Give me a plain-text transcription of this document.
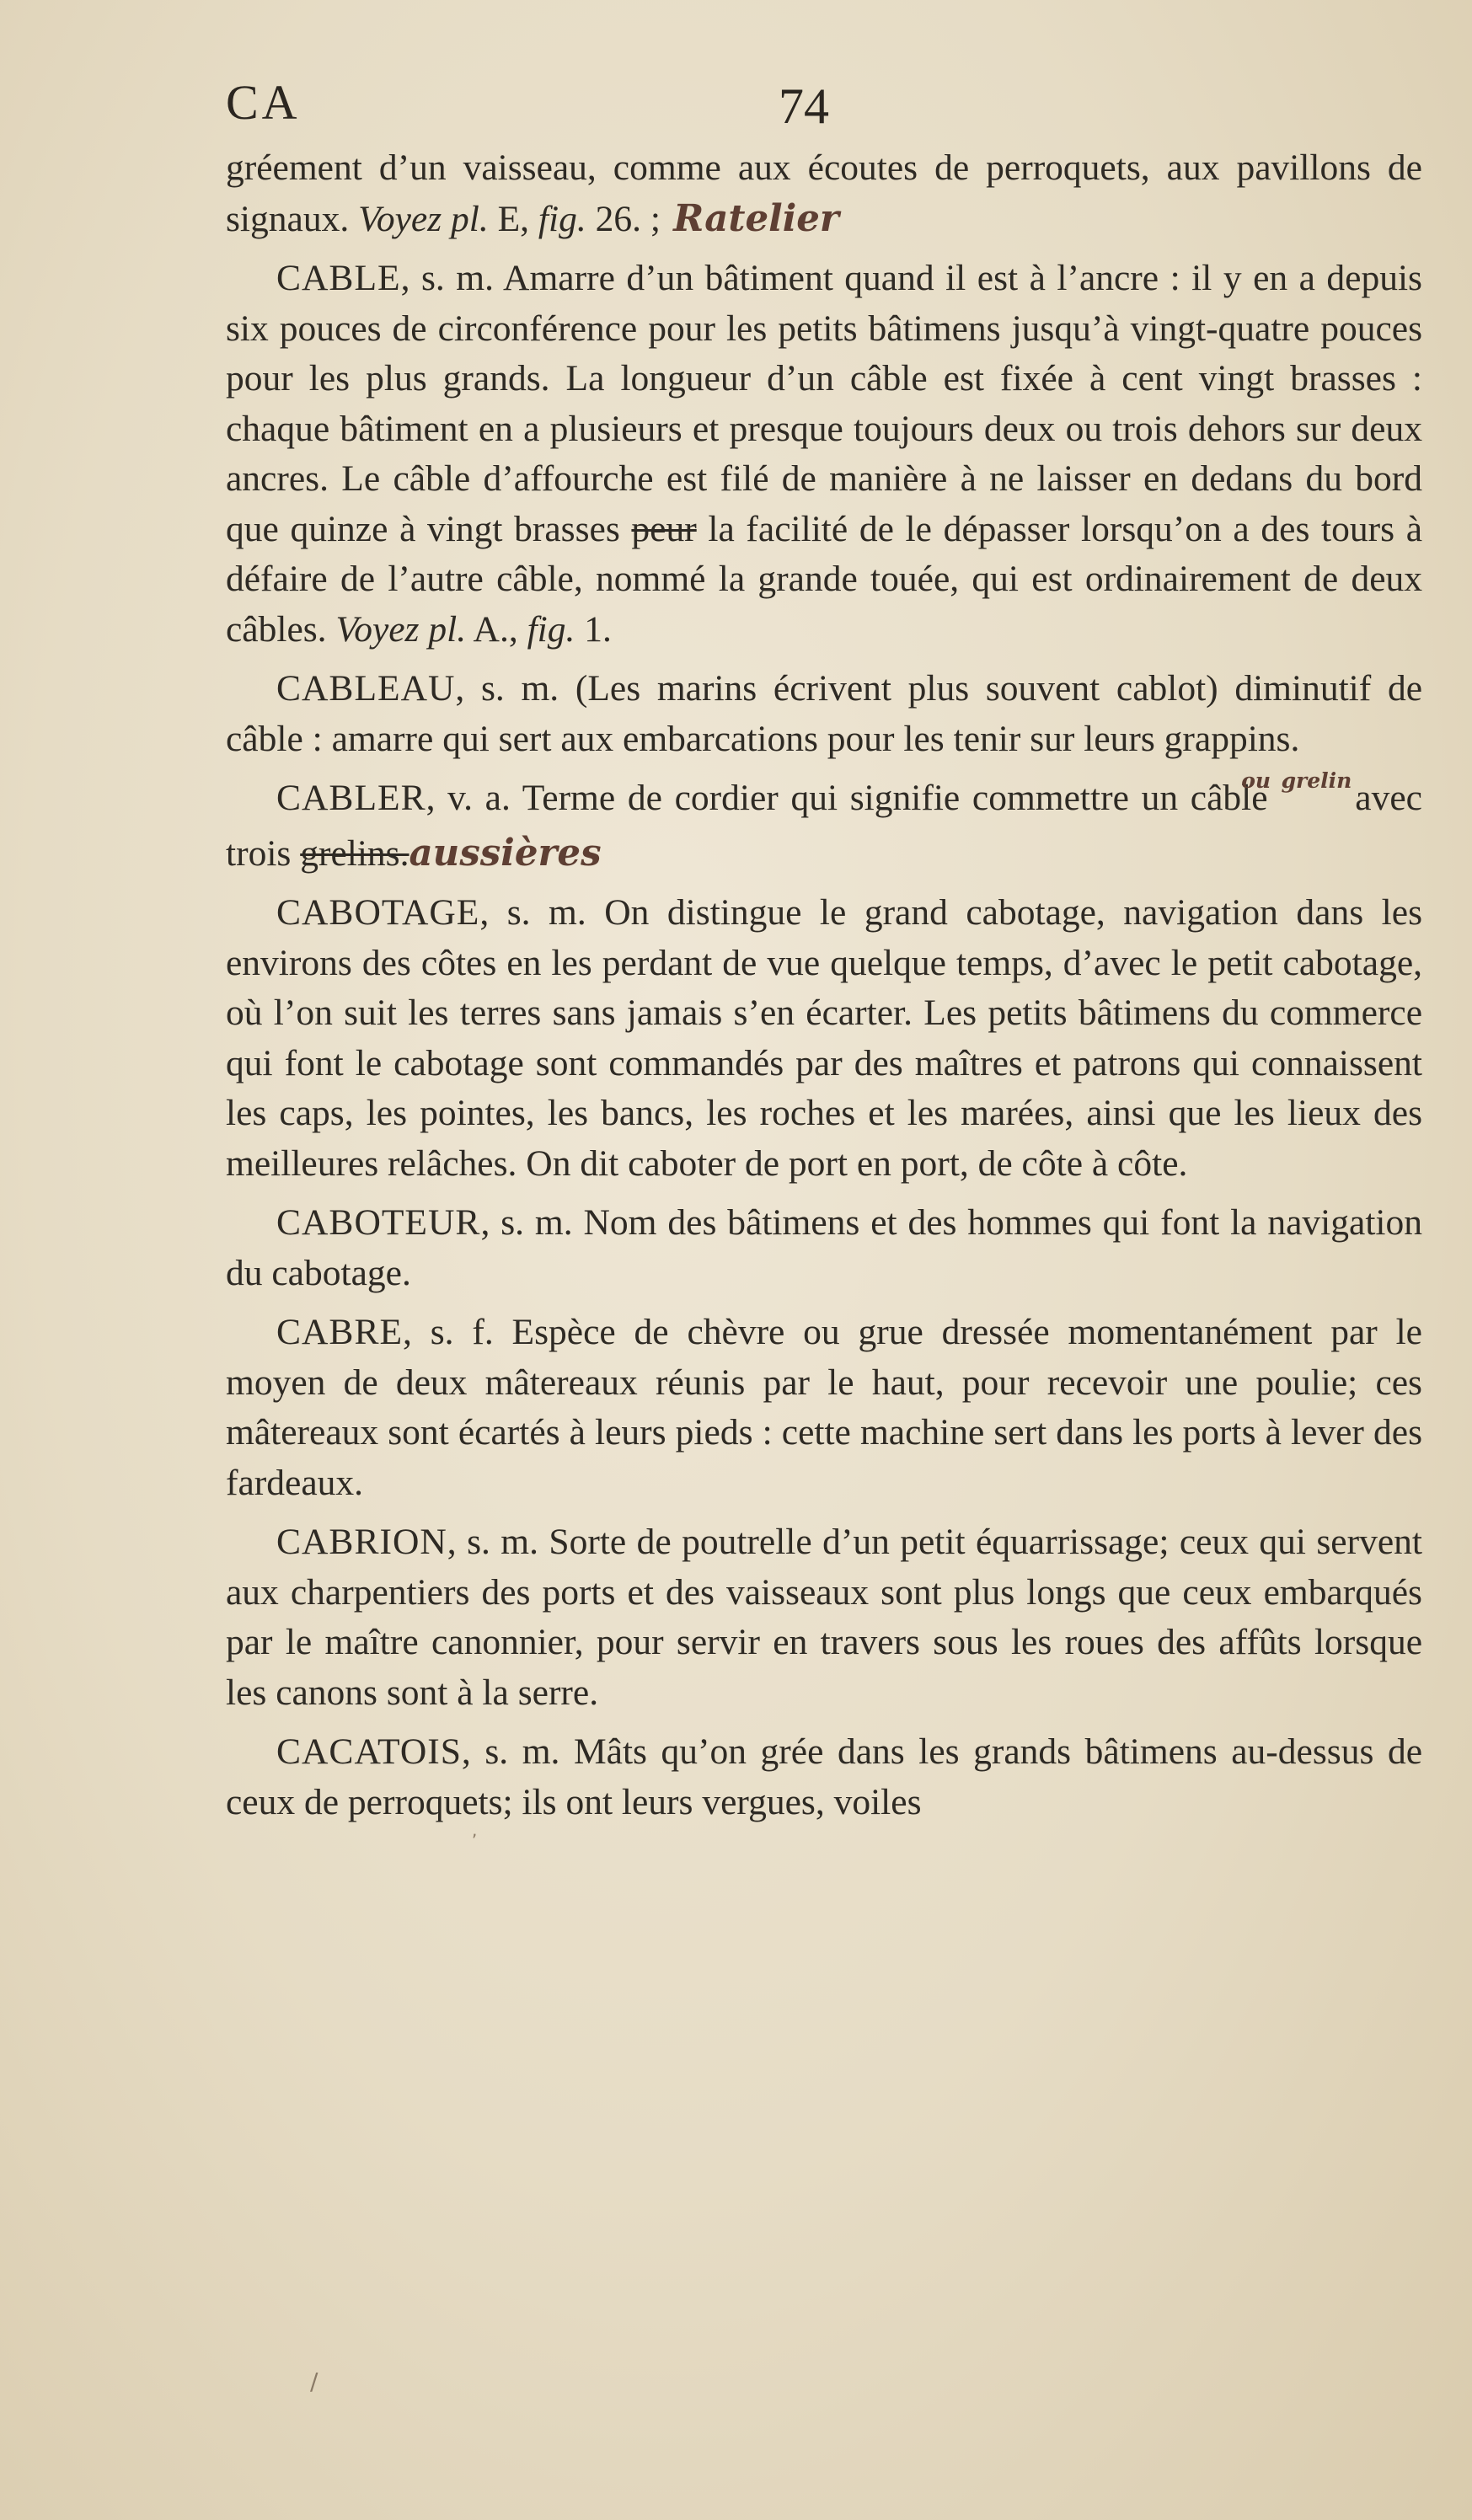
CA	74

gréement d’un vaisseau, comme aux écoutes de perroquets, aux pavillons de signaux. Voyez pl. E, fig. 26. ; Ratelier

CABLE, s. m. Amarre d’un bâtiment quand il est à l’ancre : il y en a depuis six pouces de circonférence pour les petits bâtimens jusqu’à vingt-quatre pouces pour les plus grands. La longueur d’un câble est fixée à cent vingt brasses : chaque bâtiment en a plusieurs et presque toujours deux ou trois dehors sur deux ancres. Le câble d’affourche est filé de manière à ne laisser en dedans du bord que quinze à vingt brasses peur la facilité de le dépasser lorsqu’on a des tours à défaire de l’autre câble, nommé la grande touée, qui est ordinairement de deux câbles. Voyez pl. A., fig. 1.

CABLEAU, s. m. (Les marins écrivent plus souvent cablot) diminutif de câble : amarre qui sert aux embarcations pour les tenir sur leurs grappins.

CABLER, v. a. Terme de cordier qui signifie commettre un câble $^{ou grelin}$avec trois grelins.aussières

CABOTAGE, s. m. On distingue le grand cabotage, navigation dans les environs des côtes en les perdant de vue quelque temps, d’avec le petit cabotage, où l’on suit les terres sans jamais s’en écarter. Les petits bâtimens du commerce qui font le cabotage sont commandés par des maîtres et patrons qui connaissent les caps, les pointes, les bancs, les roches et les marées, ainsi que les lieux des meilleures relâches. On dit caboter de port en port, de côte à côte.

CABOTEUR, s. m. Nom des bâtimens et des hommes qui font la navigation du cabotage.

CABRE, s. f. Espèce de chèvre ou grue dressée momentanément par le moyen de deux mâtereaux réunis par le haut, pour recevoir une poulie; ces mâtereaux sont écartés à leurs pieds : cette machine sert dans les ports à lever des fardeaux.

CABRION, s. m. Sorte de poutrelle d’un petit équarrissage; ceux qui servent aux charpentiers des ports et des vaisseaux sont plus longs que ceux embarqués par le maître canonnier, pour servir en travers sous les roues des affûts lorsque les canons sont à la serre.

CACATOIS, s. m. Mâts qu’on grée dans les grands bâtimens au-dessus de ceux de perroquets; ils ont leurs vergues, voiles

/
,
